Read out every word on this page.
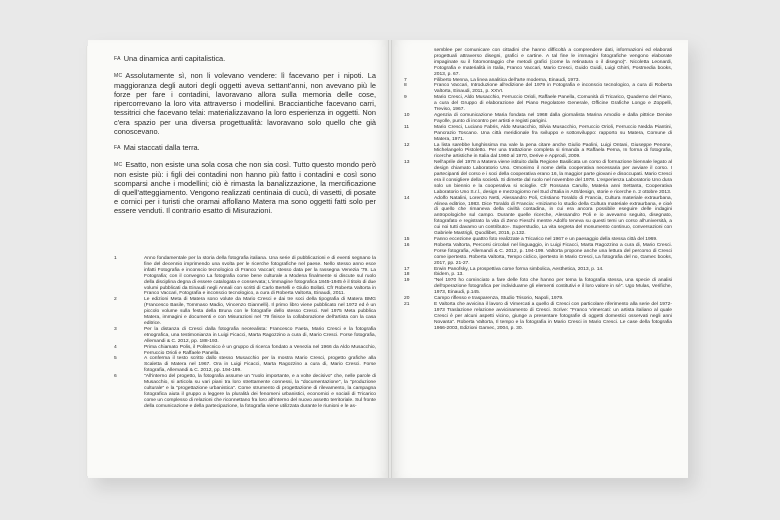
FA Una dinamica anti capitalistica.

MC Assolutamente sì, non li volevano vendere: lì facevano per i nipoti. La maggioranza degli autori degli oggetti aveva settant'anni, non avevano più le forze per fare i contadini, lavoravano allora sulla memoria delle cose, ripercorrevano la loro vita attraverso i modellini. Bracciantiche facevano carri, tessitrici che facevano telai: materializzavano la loro esperienza in oggetti. Non c'era spazio per una diversa progettualità: lavoravano solo quello che già conoscevano.

FA Mai staccati dalla terra.

MC Esatto, non esiste una sola cosa che non sia così. Tutto questo mondo però non esiste più: i figli dei contadini non hanno più fatto i contadini e così sono scomparsi anche i modellini; ciò è rimasta la banalizzazione, la mercificazione di quell'atteggiamento. Vengono realizzati centinaia di cucù, di vasetti, di posate e cornici per i turisti che oramai affollano Matera ma sono oggetti fatti solo per essere venduti. Il contrario esatto di Misurazioni.

1	Anno fondamentale per la storia della fotografia italiana. Una serie di pubblicazioni e di eventi segnano la fine del decennio imprimendo una svolta per le ricerche fotografiche nel paese. Nello stesso anno esce infatti Fotografia e inconscio tecnologico di Franco Vaccari; stesso data per la rassegna Venezia '79. La Fotografia; con il convegno La fotografia come bene culturale a Modena finalmente si discute sul ruolo della disciplina degna di essere catalogata e conservata; L'immagine fotografica 1845-1945 è il titolo di due volumi pubblicati da Einaudi negli Annali con scritti di Carlo Bertelli e Giulio Bollati. Cfr Roberta Valtorta in Franco Vaccari, Fotografia e inconscio tecnologico, a cura di Roberta Valtorta, Einaudi, 2011.
2	Le edizioni Meta di Matera sono volute da Mario Cresci e dai tre soci della tipografia di Matera BMG (Francesco Basile, Tommaso Madio, Vincenzo Giannelli). Il primo libro viene pubblicato nel 1972 ed è un piccolo volume sulla festa della Bruna con le fotografie dello stesso Cresci. Nel 1975 Meta pubblica Matera, immagini e documenti e con Misurazioni nel '79 finisce la collaborazione dell'artista con la casa editrice.
3	Per la distanza di Cresci dalla fotografia neorealista: Francesco Faeta, Mario Cresci e la fotografia etnografica, una testimonianza in Luigi Ficacci, Marta Ragozzino a cura di, Mario Cresci. Forse fotografia, Allemandi & C. 2012, pp. 188-193.
4	Prima chiamato Polis, il Politecnico è un gruppo di ricerca fondato a Venezia nel 1966 da Aldo Musacchio, Ferruccio Orioli e Raffaele Panella.
5	A conferma il testo scritto dallo stesso Musacchio per la mostra Mario Cresci, progetto grafiche alla Scaletta di Matera nel 1967. Ora in Luigi Ficacci, Marta Ragozzino a cura di, Mario Cresci. Forse fotografia, Allemandi & C. 2012, pp. 194-199.
6	"All'interno del progetto, la fotografia assume un "ruolo importante, e a volte decisivo" che, nelle parole di Musacchio, si articola su vari piani tra loro strettamente connessi, la "documentazione", la "produzione culturale" e la "progettazione urbanistica". Come strumento di progettazione di rilevamento, la campagna fotografica aiuta il gruppo a leggere la pluralità dei fenomeni urbanistici, economici e sociali di Tricarico come un complesso di relazioni che riconnettano fra loro all'interno del nuovo assetto territoriale. Sul fronte della comunicazione e della partecipazione, la fotografia viene utilizzata durante le riunioni e le as-
semblee per comunicare con cittadini che hanno difficoltà a comprendere dati, informazioni ed elaborati progettuali attraverso disegni, grafici e cartine. A tal fine le immagini fotografiche vengono elaborate impaginate su il fotomontaggio che metodi grafici (come la retinatura o il disegno)". Nicoletta Leonardi, Fotografia e materialità in Italia, Franco Vaccari, Mario Cresci, Guido Guidi, Luigi Ghirri, Postmedia books, 2013, p. 67.
7	Filiberto Menna, La linea analitica dell'arte moderna, Einaudi, 1973.
8	Franco Vaccari, Introduzione all'edizione del 1979 in Fotografia e inconscio tecnologico, a cura di Roberta Valtorta, Einaudi, 2011, p. XXVI.
9	Mario Cresci, Aldo Musacchio, Ferruccio Orioli, Raffaele Panella, Comunità di Tricarico, Quaderno del Piano, a cura del Gruppo di elaborazione del Piano Regolatore Generale, Officine Grafiche Longo e Zoppelli, Treviso, 1967.
10	Agenzia di comunicazione Maria fondata nel 1968 dalla giornalista Marina Amodio e dalla pittrice Denise Fayolle, punto di incontro per artisti e registi parigini.
11	Mario Cresci, Luciano Fabris, Aldo Musacchio, Silvia Musacchio, Ferruccio Orioli, Ferruccio Nedda Piantini, Pancrazio Toscano. Una città meridionale fra sviluppo e sottosviluppo: rapporto su Matera, Comune di Matera, 1971.
12	La lista sarebbe lunghissima ma vale la pena citare anche Giulio Paolini, Luigi Ontani, Giuseppe Penone, Michelangelo Pistoletto. Per una trattazione completa si rimanda a Raffaela Perna, In forma di fotografia, ricerche artistiche in Italia dal 1960 al 1970, Derive e Approdi, 2009.
13	Nell'aprile del 1978 a Matera viene istituito dalla Regione Basilicata un corso di formazione biennale legato al design chiamato Laboratorio Uno. Omonimo il nome della cooperativa necessaria per avviare il corso. I partecipanti del corso e i soci della cooperativa erano 16, la maggior parte giovani e disoccupati. Mario Cresci era il consigliere della società. Si dimette dal ruolo nel novembre del 1978. L'esperienza Laboratorio Uno dura solo un biennio e la cooperativa si scioglie. Cfr Rossana Carullo, Materia anni Settanta, Cooperativa Laboratorio Uno S.r.l., design e mezzogiorno nel Sud d'Italia in AIS/design, storie e ricerche n. 2 ottobre 2013.
14	Adolfo Natalini, Lorenzo Netti, Alessandro Poli, Cristiano Toraldo di Francia, Cultura materiale extraurbana, Alinea editrice, 1983. Dice Toraldo di Francia: «Iniziamo lo studio della Cultura materiale extraurbana, e cioè di quello che rimaneva della civiltà contadina, in cui era ancora possibile eseguire delle indagini antropologiche sul campo. Durante quelle ricerche, Alessandro Poli e io avevamo seguito, disegnato, fotografato e registrato la vita di Zeno Fieschi mentre Adolfo teneva su questi temi un corso all'università, a cui noi tutti davamo un contributo». Superstudio, La vita segreta del monumento continuo, conversazioni con Gabriele Mastrigli, Quodlibet, 2015, p.132.
15	Fanno eccezione quattro foto realizzate a Tricarico nel 1967 e un paesaggio della stessa città del 1969.
16	Roberta Valtorta, Percorsi circolari nel linguaggio, in Luigi Ficacci, Marta Ragozzino a cura di, Mario Cresci. Forse fotografia, Allemandi & C. 2012, p. 194-199. Valtorta propone anche una lettura del percorso di Cresci come ipertesto. Roberta Valtorta, Tempo ciclico, ipertesto in Mario Cresci, La fotografia del no, Gamec books, 2017, pp. 21-27.
17	Erwin Panofsky, La prospettiva come forma simbolica, Aesthetica, 2013, p. 14.
18	Ibidem, p. 13.
19	"Nel 1970 ho cominciato a fare delle foto che hanno per tema la fotografia stessa, una specie di analisi dell'operazione fotografica per individuarne gli elementi costitutivi e il loro valore in sé". Ugo Mulas, Verifiche, 1973, Einaudi, p.145.
20	Campo riflesso e trasparenza, Studio Trisorio, Napoli, 1979.
21	E Valtorta che avvicina il lavoro di Vimercati a quello di Cresci con particolare riferimento alla serie del 1972-1973 Traslazione relazione avvicinamento di Cresci. Scrive: "Franco Vimercati: un artista italiano al quale Cresci è per alcuni aspetti vicino, giunge a presentare fotografie di oggetti domestici osservati negli anni Novanta". Roberta Valtorta, Il tempo e la fotografia in Mario Cresci in Mario Cresci. Le case della fotografia 1966-2003, Edizioni Gamec, 2004, p. 30.
